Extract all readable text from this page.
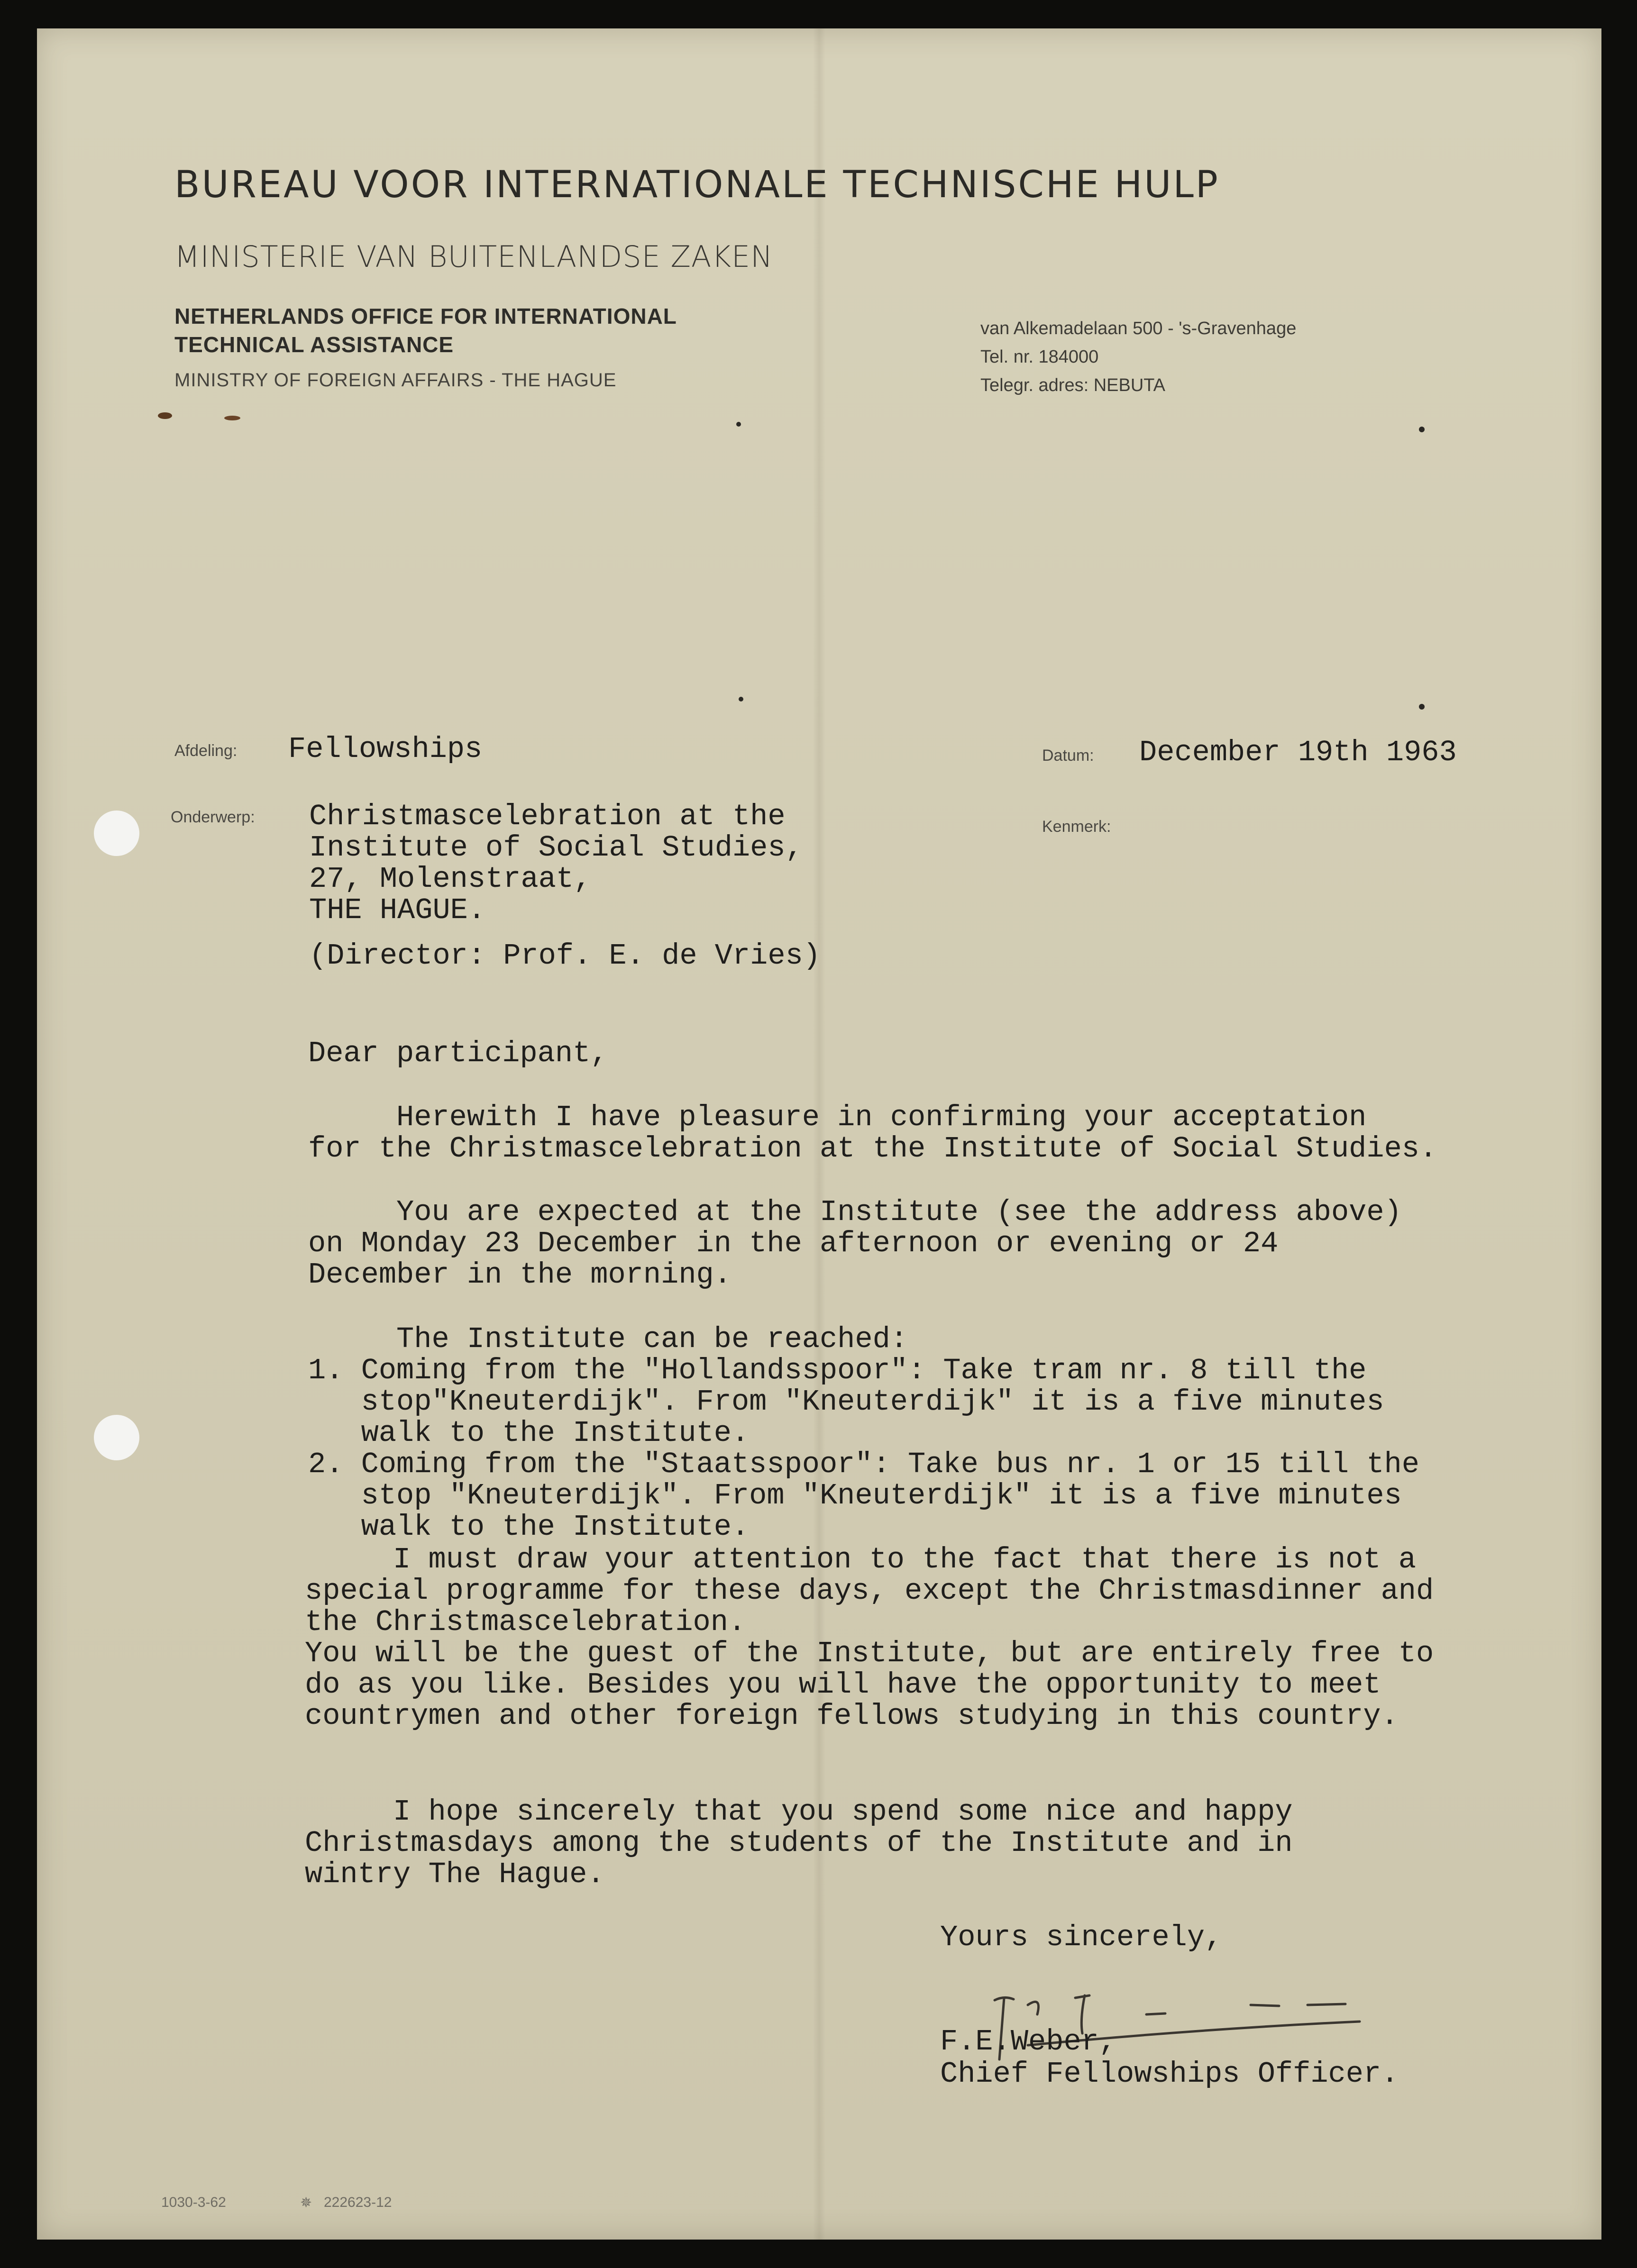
BUREAU VOOR INTERNATIONALE TECHNISCHE HULP
MINISTERIE VAN BUITENLANDSE ZAKEN
NETHERLANDS OFFICE FOR INTERNATIONAL
TECHNICAL ASSISTANCE
MINISTRY OF FOREIGN AFFAIRS - THE HAGUE
van Alkemadelaan 500 - 's-Gravenhage
Tel. nr. 184000
Telegr. adres: NEBUTA
Afdeling: Fellowships	Datum: December 19th 1963
Onderwerp:
Kenmerk:
Christmascelebration at the
Institute of Social Studies,
27, Molenstraat,
THE HAGUE.
(Director: Prof. E. de Vries)
Dear participant,
Herewith I have pleasure in confirming your acceptation
for the Christmascelebration at the Institute of Social Studies.
You are expected at the Institute (see the address above)
on Monday 23 December in the afternoon or evening or 24
December in the morning.
The Institute can be reached:
1. Coming from the "Hollandsspoor": Take tram nr. 8 till the
stop"Kneuterdijk". From "Kneuterdijk" it is a five minutes
walk to the Institute.
2. Coming from the "Staatsspoor": Take bus nr. 1 or 15 till the
stop "Kneuterdijk". From "Kneuterdijk" it is a five minutes
walk to the Institute.
I must draw your attention to the fact that there is not a
special programme for these days, except the Christmasdinner and
the Christmascelebration.
You will be the guest of the Institute, but are entirely free to
do as you like. Besides you will have the opportunity to meet
countrymen and other foreign fellows studying in this country.
I hope sincerely that you spend some nice and happy
Christmasdays among the students of the Institute and in
wintry The Hague.
Yours sincerely,
F.E.Weber,
Chief Fellowships Officer.
1030-3-62	✵ 222623-12
